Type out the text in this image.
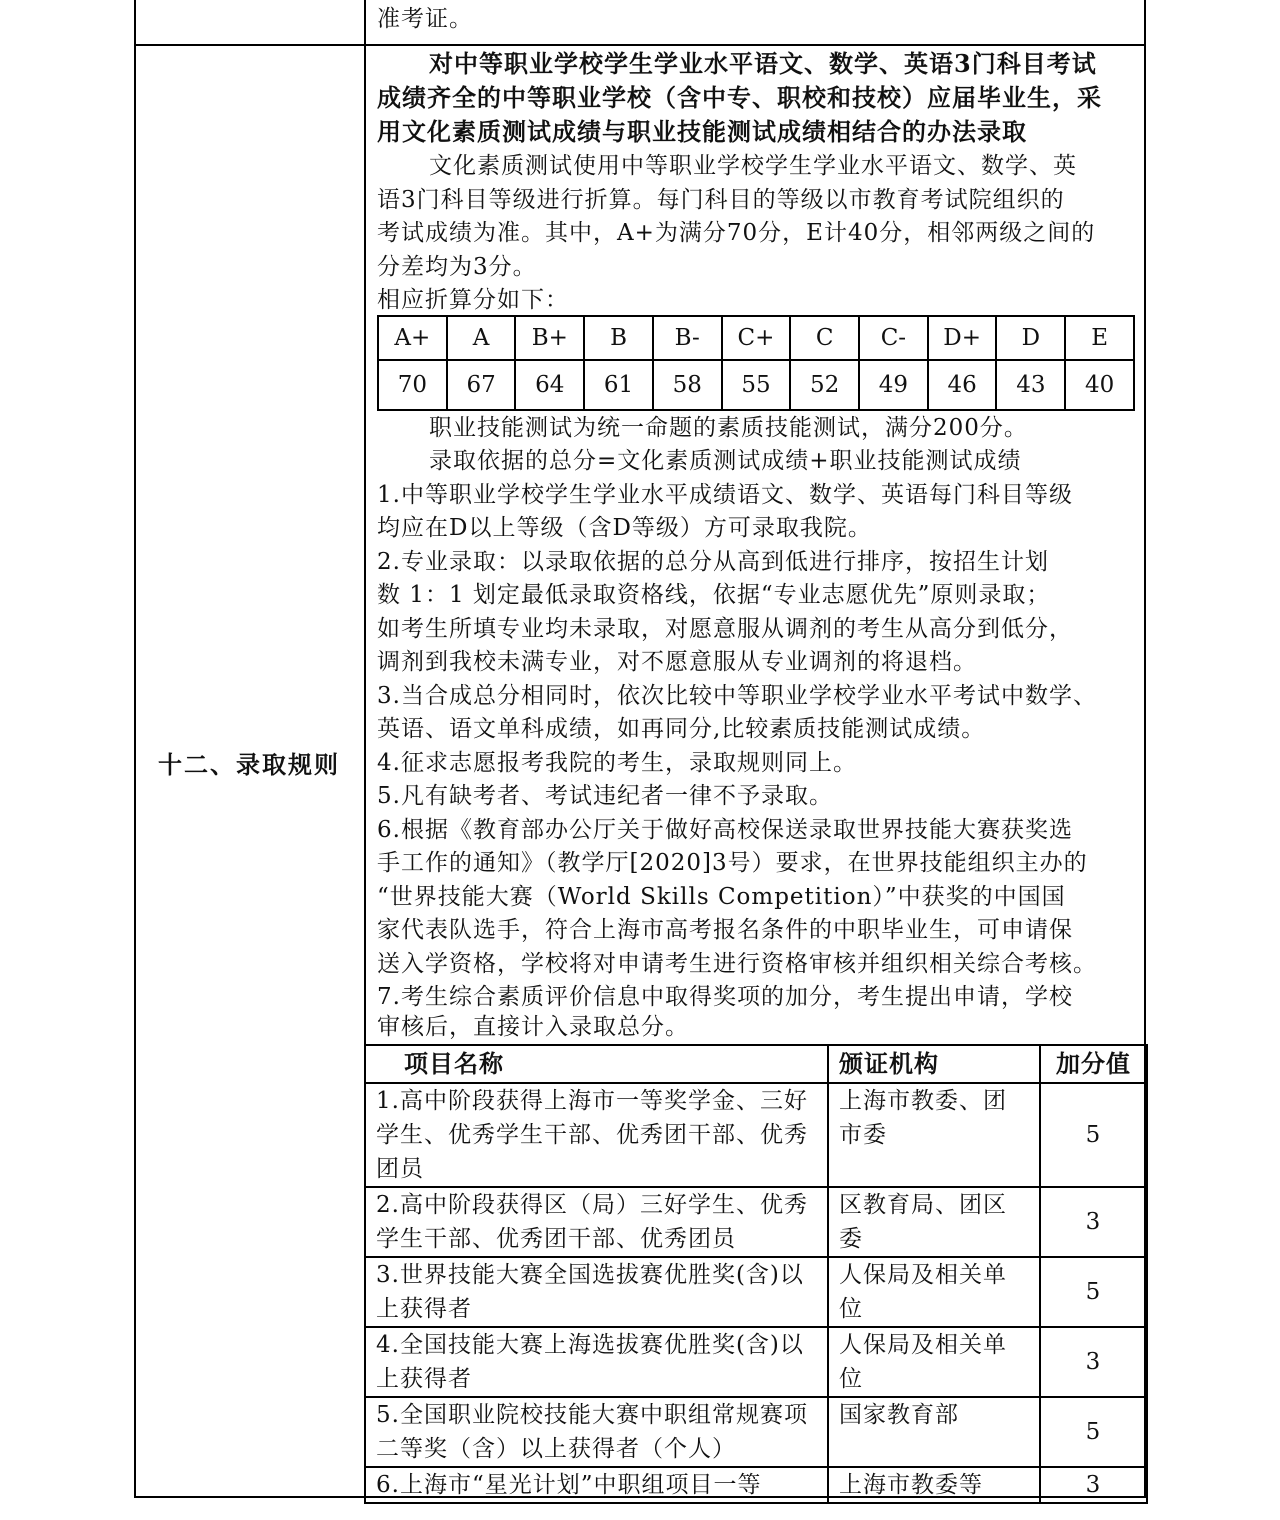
准考证。
十二、录取规则
对中等职业学校学生学业水平语文、数学、英语3门科目考试
成绩齐全的中等职业学校（含中专、职校和技校）应届毕业生，采
用文化素质测试成绩与职业技能测试成绩相结合的办法录取
文化素质测试使用中等职业学校学生学业水平语文、数学、英
语3门科目等级进行折算。每门科目的等级以市教育考试院组织的
考试成绩为准。其中，A+为满分70分，E计40分，相邻两级之间的
分差均为3分。
相应折算分如下：
A+	A	B+	B	B-	C+	C	C-	D+	D	E
70	67	64	61	58	55	52	49	46	43	40
职业技能测试为统一命题的素质技能测试，满分200分。
录取依据的总分=文化素质测试成绩+职业技能测试成绩
1.中等职业学校学生学业水平成绩语文、数学、英语每门科目等级
均应在D以上等级（含D等级）方可录取我院。
2.专业录取：以录取依据的总分从高到低进行排序，按招生计划
数 1：1 划定最低录取资格线，依据“专业志愿优先”原则录取；
如考生所填专业均未录取，对愿意服从调剂的考生从高分到低分，
调剂到我校未满专业，对不愿意服从专业调剂的将退档。
3.当合成总分相同时，依次比较中等职业学校学业水平考试中数学、
英语、语文单科成绩，如再同分,比较素质技能测试成绩。
4.征求志愿报考我院的考生，录取规则同上。
5.凡有缺考者、考试违纪者一律不予录取。
6.根据《教育部办公厅关于做好高校保送录取世界技能大赛获奖选
手工作的通知》（教学厅[2020]3号）要求，在世界技能组织主办的
“世界技能大赛（World Skills Competition）”中获奖的中国国
家代表队选手，符合上海市高考报名条件的中职毕业生，可申请保
送入学资格，学校将对申请考生进行资格审核并组织相关综合考核。
7.考生综合素质评价信息中取得奖项的加分，考生提出申请，学校
审核后，直接计入录取总分。
项目名称	颁证机构	加分值
1.高中阶段获得上海市一等奖学金、三好学生、优秀学生干部、优秀团干部、优秀团员	上海市教委、团市委	5
2.高中阶段获得区（局）三好学生、优秀学生干部、优秀团干部、优秀团员	区教育局、团区委	3
3.世界技能大赛全国选拔赛优胜奖(含)以上获得者	人保局及相关单位	5
4.全国技能大赛上海选拔赛优胜奖(含)以上获得者	人保局及相关单位	3
5.全国职业院校技能大赛中职组常规赛项二等奖（含）以上获得者（个人）	国家教育部	5
6.上海市“星光计划”中职组项目一等	上海市教委等	3
